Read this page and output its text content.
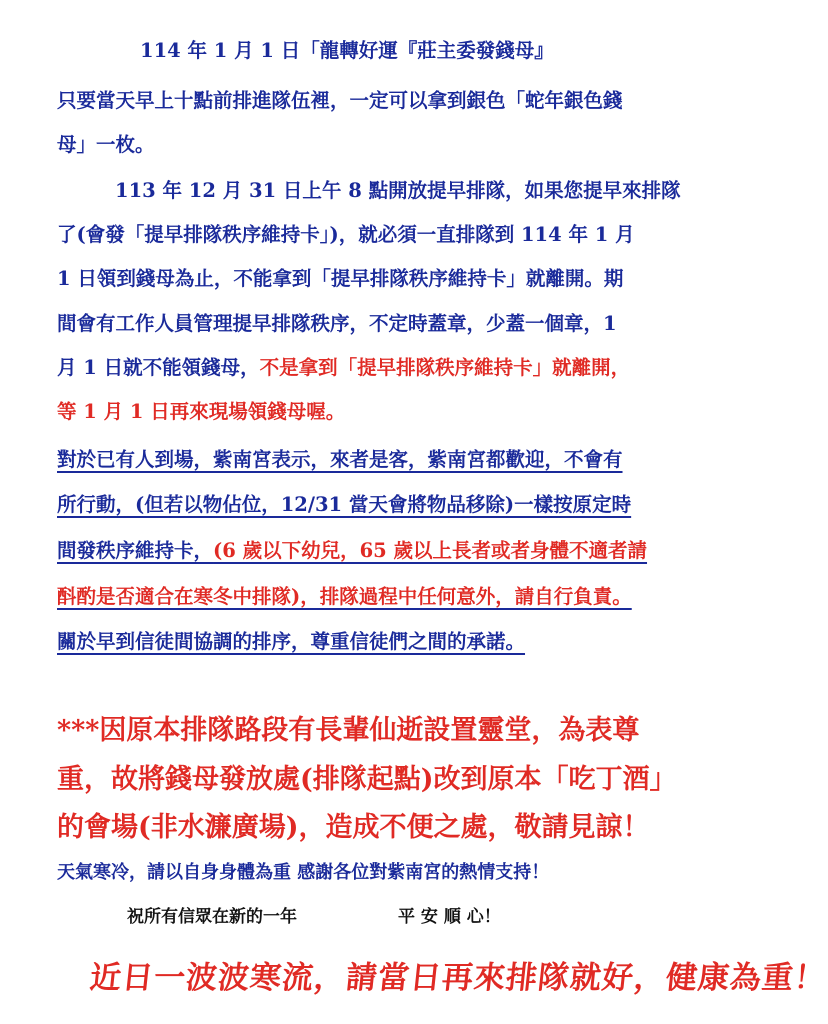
114 年 1 月 1 日「龍轉好運『莊主委發錢母』
只要當天早上十點前排進隊伍裡，一定可以拿到銀色「蛇年銀色錢
母」一枚。
113 年 12 月 31 日上午 8 點開放提早排隊，如果您提早來排隊
了(會發「提早排隊秩序維持卡」)，就必須一直排隊到 114 年 1 月
1 日領到錢母為止，不能拿到「提早排隊秩序維持卡」就離開。期
間會有工作人員管理提早排隊秩序，不定時蓋章，少蓋一個章，1
月 1 日就不能領錢母，不是拿到「提早排隊秩序維持卡」就離開，
等 1 月 1 日再來現場領錢母喔。
對於已有人到場，紫南宮表示，來者是客，紫南宮都歡迎，不會有
所行動，(但若以物佔位，12/31 當天會將物品移除)一樣按原定時
間發秩序維持卡，(6 歲以下幼兒，65 歲以上長者或者身體不適者請
酙酌是否適合在寒冬中排隊)，排隊過程中任何意外，請自行負責。
關於早到信徒間協調的排序，尊重信徒們之間的承諾。
***因原本排隊路段有長輩仙逝設置靈堂，為表尊
重，故將錢母發放處(排隊起點)改到原本「吃丁酒」
的會場(非水濂廣場)，造成不便之處，敬請見諒！
天氣寒冷，請以自身身體為重 感謝各位對紫南宮的熱情支持！
祝所有信眾在新的一年	平 安 順 心！
近日一波波寒流，請當日再來排隊就好，健康為重！
